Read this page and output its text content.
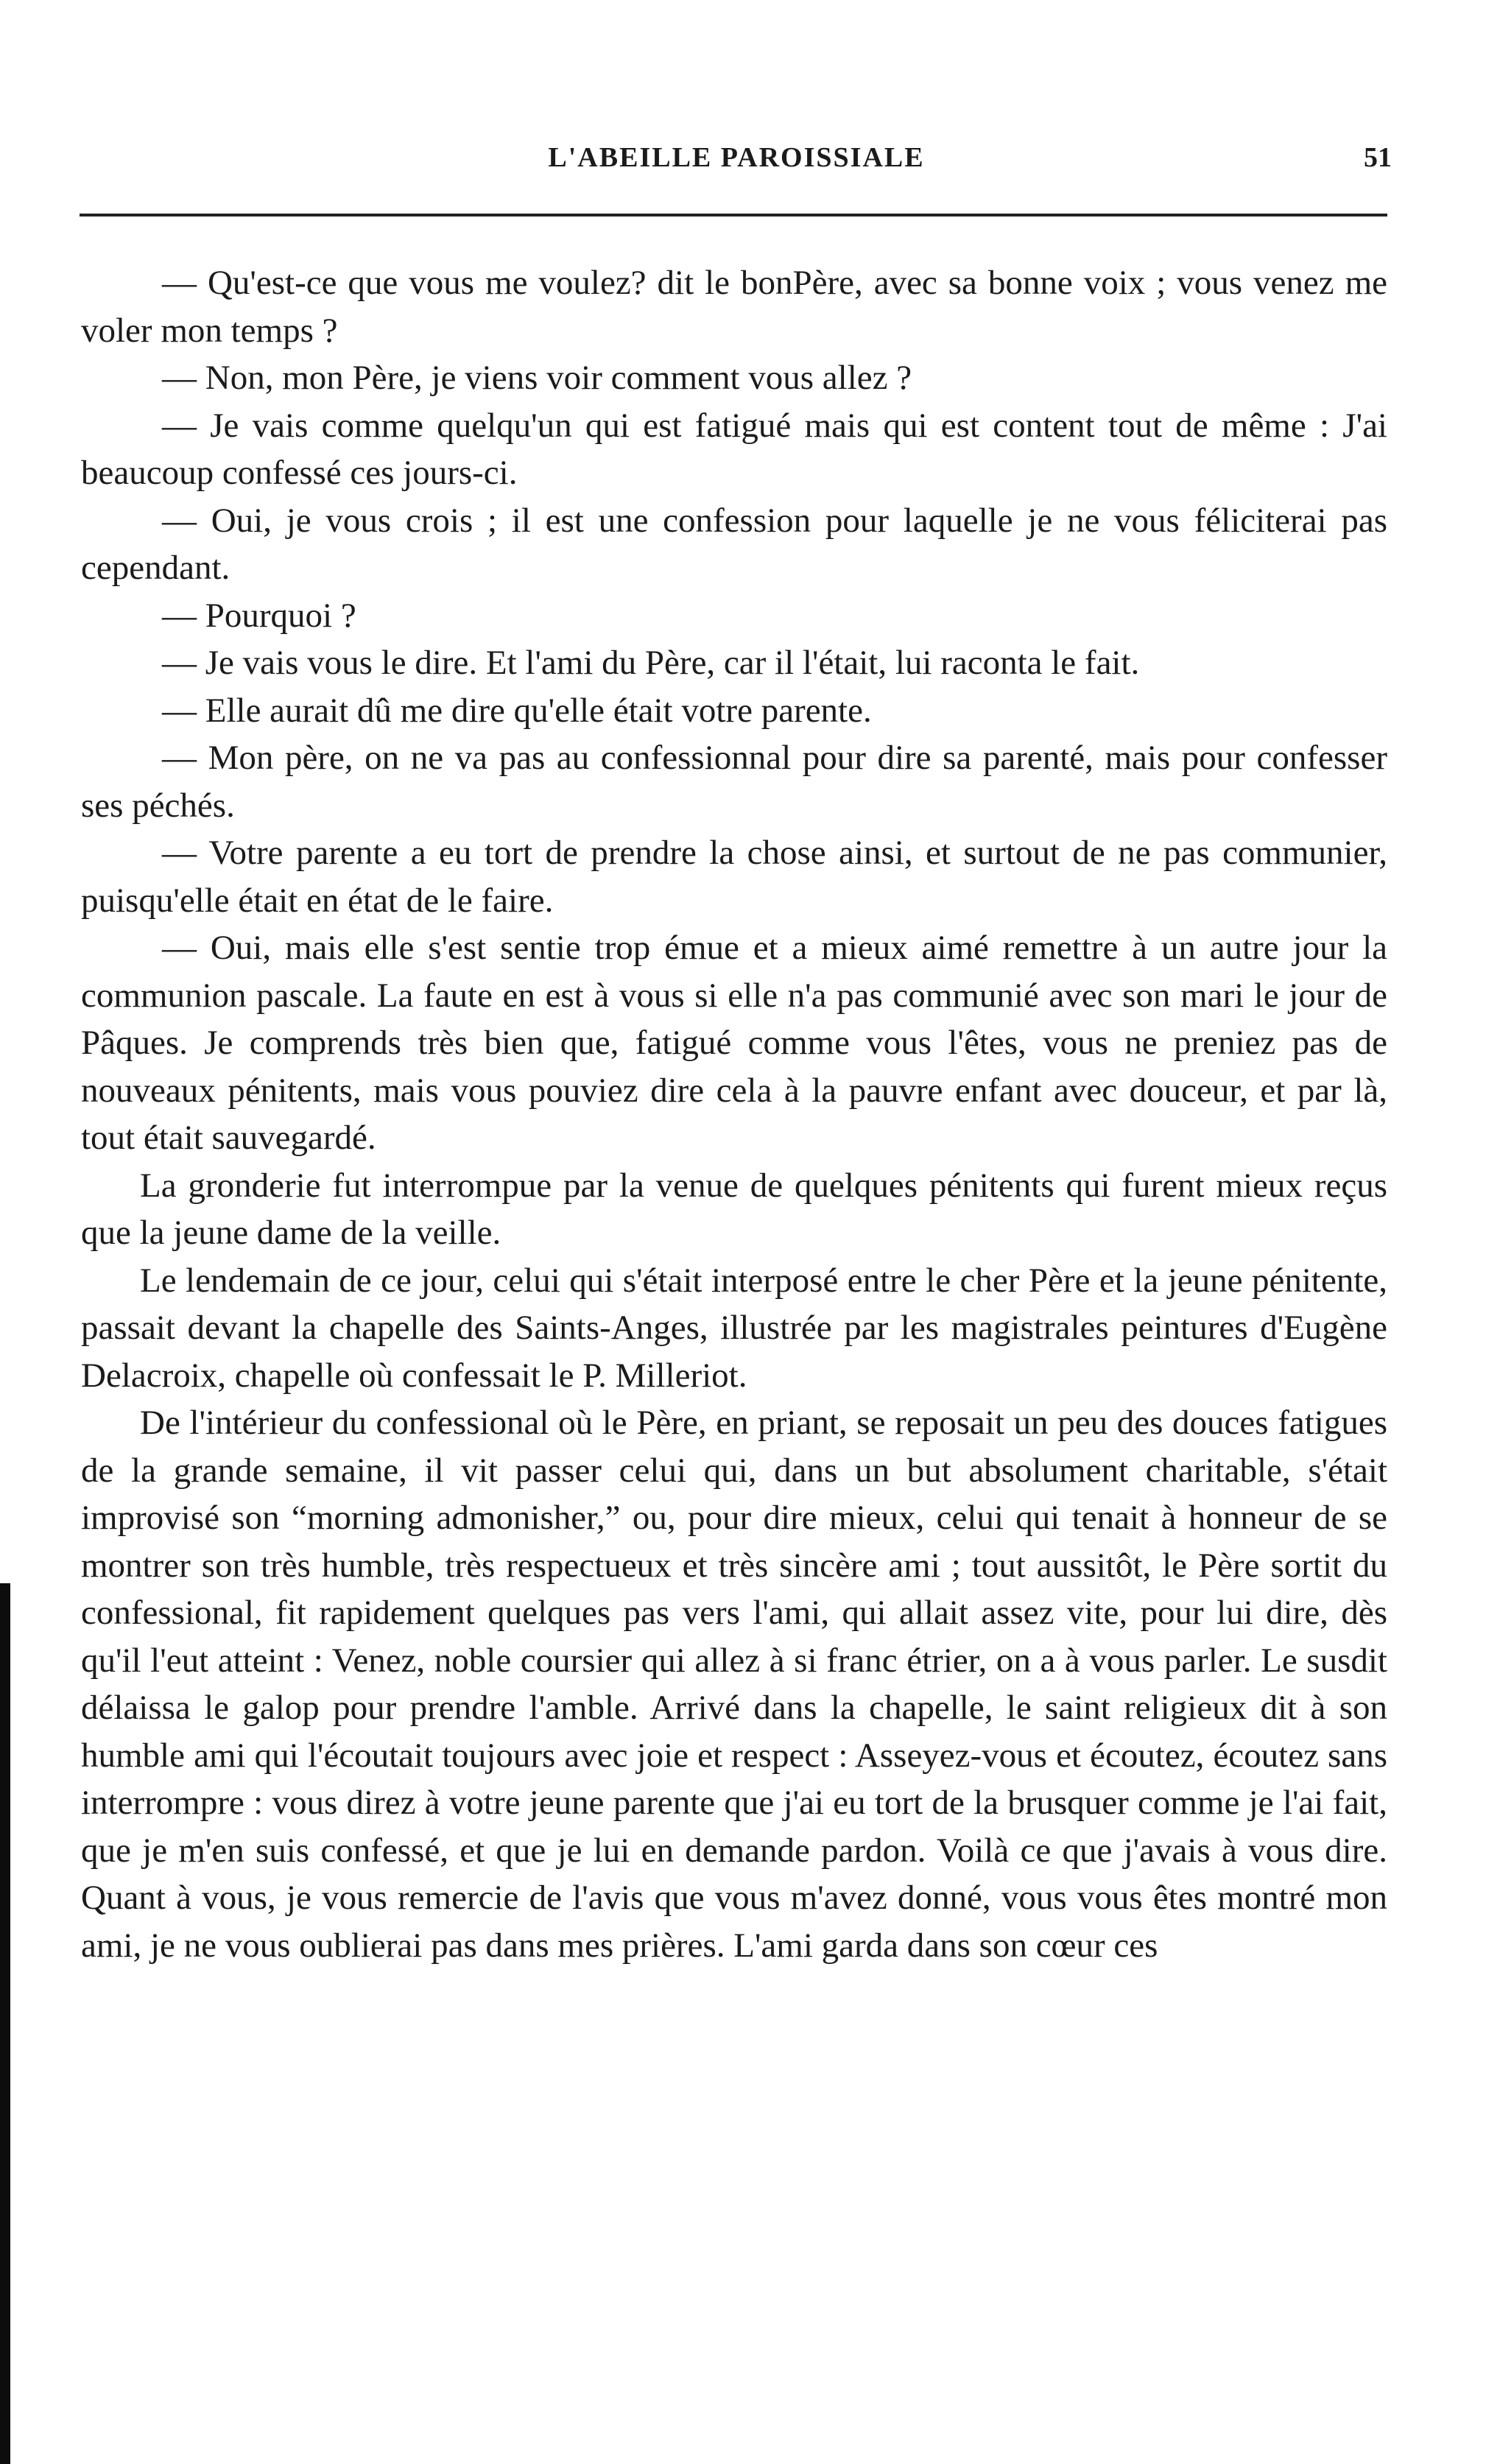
L'ABEILLE PAROISSIALE	51

— Qu'est-ce que vous me voulez? dit le bonPère, avec sa bonne voix ; vous venez me voler mon temps ?

— Non, mon Père, je viens voir comment vous allez ?

— Je vais comme quelqu'un qui est fatigué mais qui est content tout de même : J'ai beaucoup confessé ces jours-ci.

— Oui, je vous crois ; il est une confession pour laquelle je ne vous féliciterai pas cependant.

— Pourquoi ?

— Je vais vous le dire. Et l'ami du Père, car il l'était, lui raconta le fait.

— Elle aurait dû me dire qu'elle était votre parente.

— Mon père, on ne va pas au confessionnal pour dire sa parenté, mais pour confesser ses péchés.

— Votre parente a eu tort de prendre la chose ainsi, et surtout de ne pas communier, puisqu'elle était en état de le faire.

— Oui, mais elle s'est sentie trop émue et a mieux aimé remettre à un autre jour la communion pascale. La faute en est à vous si elle n'a pas communié avec son mari le jour de Pâques. Je comprends très bien que, fatigué comme vous l'êtes, vous ne preniez pas de nouveaux pénitents, mais vous pouviez dire cela à la pauvre enfant avec douceur, et par là, tout était sauvegardé.

La gronderie fut interrompue par la venue de quelques pénitents qui furent mieux reçus que la jeune dame de la veille.

Le lendemain de ce jour, celui qui s'était interposé entre le cher Père et la jeune pénitente, passait devant la chapelle des Saints-Anges, illustrée par les magistrales peintures d'Eugène Delacroix, chapelle où confessait le P. Milleriot.

De l'intérieur du confessional où le Père, en priant, se reposait un peu des douces fatigues de la grande semaine, il vit passer celui qui, dans un but absolument charitable, s'était improvisé son “morning admonisher,” ou, pour dire mieux, celui qui tenait à honneur de se montrer son très humble, très respectueux et très sincère ami ; tout aussitôt, le Père sortit du confessional, fit rapidement quelques pas vers l'ami, qui allait assez vite, pour lui dire, dès qu'il l'eut atteint : Venez, noble coursier qui allez à si franc étrier, on a à vous parler. Le susdit délaissa le galop pour prendre l'amble. Arrivé dans la chapelle, le saint religieux dit à son humble ami qui l'écoutait toujours avec joie et respect : Asseyez-vous et écoutez, écoutez sans interrompre : vous direz à votre jeune parente que j'ai eu tort de la brusquer comme je l'ai fait, que je m'en suis confessé, et que je lui en demande pardon. Voilà ce que j'avais à vous dire. Quant à vous, je vous remercie de l'avis que vous m'avez donné, vous vous êtes montré mon ami, je ne vous oublierai pas dans mes prières. L'ami garda dans son cœur ces
